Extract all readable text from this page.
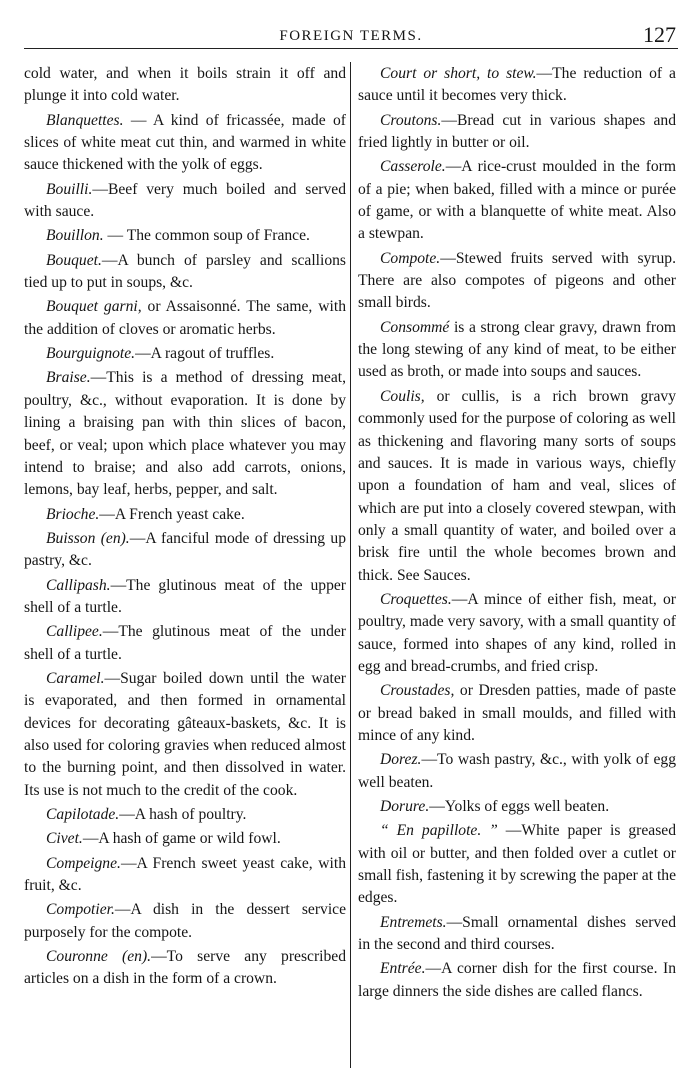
FOREIGN TERMS.	127

cold water, and when it boils strain it off and plunge it into cold water.

Blanquettes. — A kind of fricassée, made of slices of white meat cut thin, and warmed in white sauce thickened with the yolk of eggs.

Bouilli.—Beef very much boiled and served with sauce.

Bouillon. — The common soup of France.

Bouquet.—A bunch of parsley and scallions tied up to put in soups, &c.

Bouquet garni, or Assaisonné. The same, with the addition of cloves or aromatic herbs.

Bourguignote.—A ragout of truffles.

Braise.—This is a method of dressing meat, poultry, &c., without evaporation. It is done by lining a braising pan with thin slices of bacon, beef, or veal; upon which place whatever you may intend to braise; and also add carrots, onions, lemons, bay leaf, herbs, pepper, and salt.

Brioche.—A French yeast cake.

Buisson (en).—A fanciful mode of dressing up pastry, &c.

Callipash.—The glutinous meat of the upper shell of a turtle.

Callipee.—The glutinous meat of the under shell of a turtle.

Caramel.—Sugar boiled down until the water is evaporated, and then formed in ornamental devices for decorating gâteaux-baskets, &c. It is also used for coloring gravies when reduced almost to the burning point, and then dissolved in water. Its use is not much to the credit of the cook.

Capilotade.—A hash of poultry.

Civet.—A hash of game or wild fowl.

Compeigne.—A French sweet yeast cake, with fruit, &c.

Compotier.—A dish in the dessert service purposely for the compote.

Couronne (en).—To serve any prescribed articles on a dish in the form of a crown.

Court or short, to stew.—The reduction of a sauce until it becomes very thick.

Croutons.—Bread cut in various shapes and fried lightly in butter or oil.

Casserole.—A rice-crust moulded in the form of a pie; when baked, filled with a mince or purée of game, or with a blanquette of white meat. Also a stewpan.

Compote.—Stewed fruits served with syrup. There are also compotes of pigeons and other small birds.

Consommé is a strong clear gravy, drawn from the long stewing of any kind of meat, to be either used as broth, or made into soups and sauces.

Coulis, or cullis, is a rich brown gravy commonly used for the purpose of coloring as well as thickening and flavoring many sorts of soups and sauces. It is made in various ways, chiefly upon a foundation of ham and veal, slices of which are put into a closely covered stewpan, with only a small quantity of water, and boiled over a brisk fire until the whole becomes brown and thick. See Sauces.

Croquettes.—A mince of either fish, meat, or poultry, made very savory, with a small quantity of sauce, formed into shapes of any kind, rolled in egg and bread-crumbs, and fried crisp.

Croustades, or Dresden patties, made of paste or bread baked in small moulds, and filled with mince of any kind.

Dorez.—To wash pastry, &c., with yolk of egg well beaten.

Dorure.—Yolks of eggs well beaten.

“ En papillote. ” —White paper is greased with oil or butter, and then folded over a cutlet or small fish, fastening it by screwing the paper at the edges.

Entremets.—Small ornamental dishes served in the second and third courses.

Entrée.—A corner dish for the first course. In large dinners the side dishes are called flancs.
